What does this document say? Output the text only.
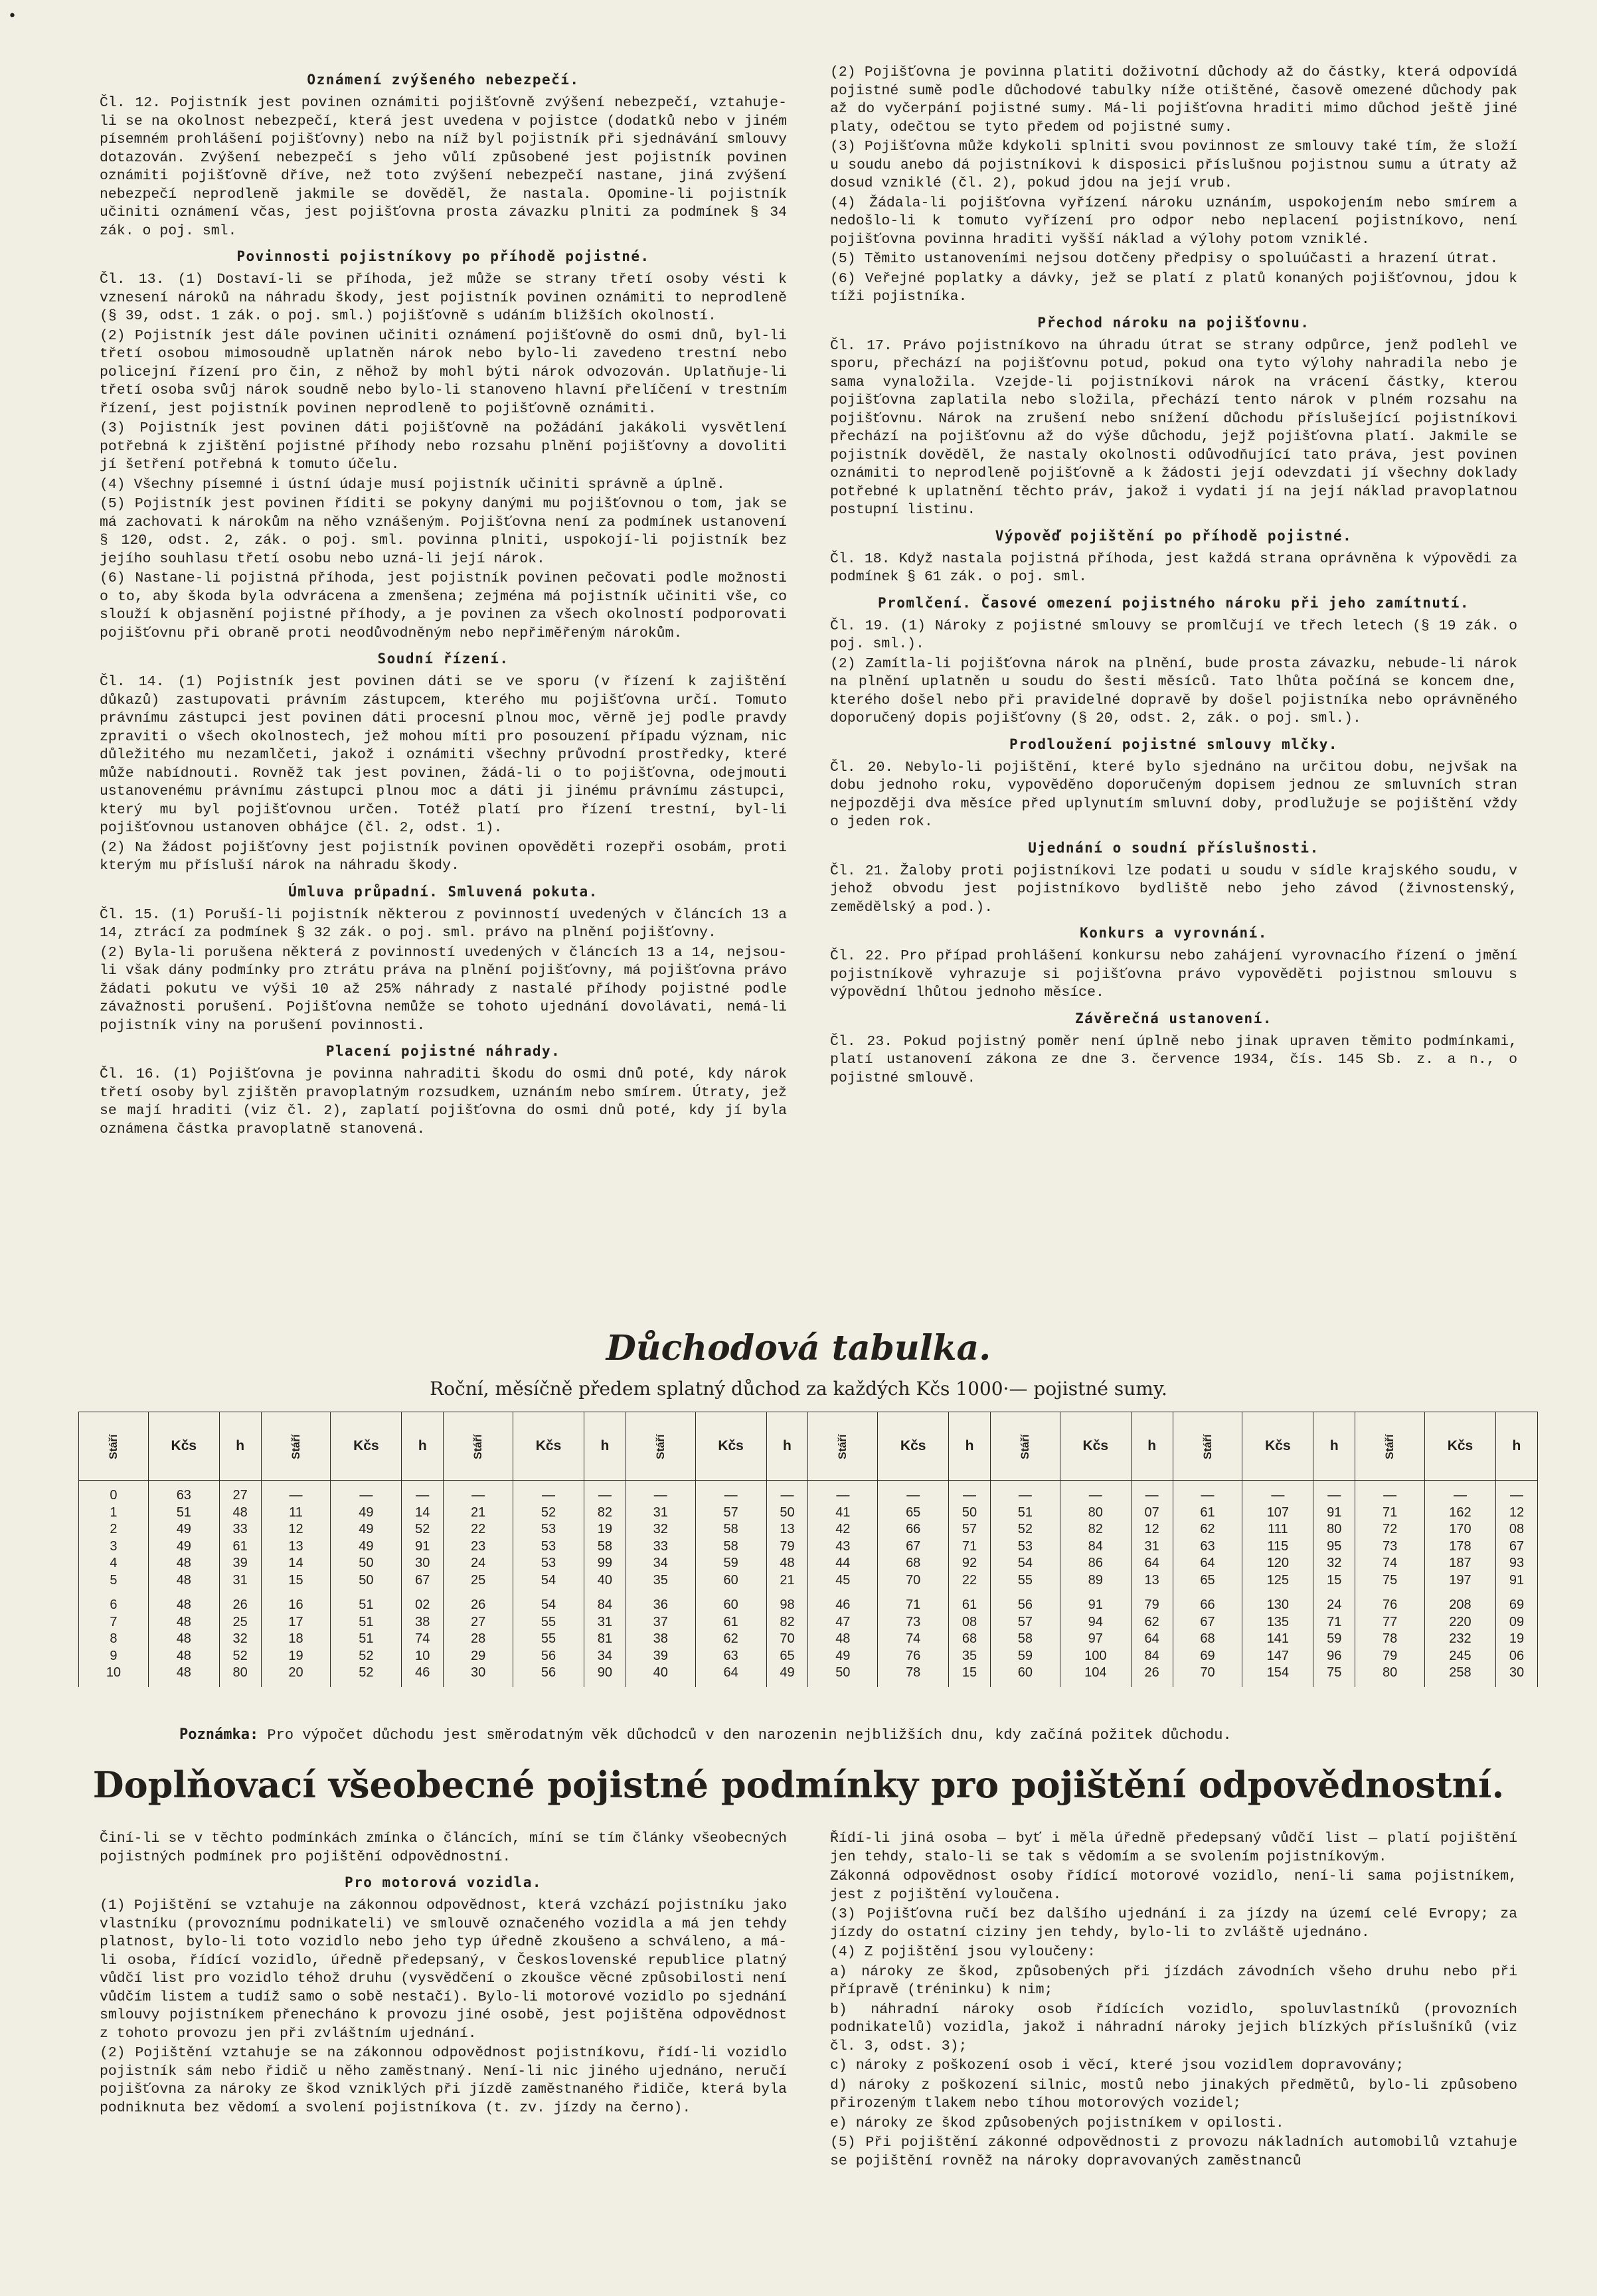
•
Oznámení zvýšeného nebezpečí.
Čl. 12. Pojistník jest povinen oznámiti pojišťovně zvýšení nebezpečí, vztahuje-li se na okolnost nebezpečí, která jest uvedena v pojistce (dodatků nebo v jiném písemném prohlášení pojišťovny) nebo na níž byl pojistník při sjednávání smlouvy dotazován. Zvýšení nebezpečí s jeho vůlí způsobené jest pojistník povinen oznámiti pojišťovně dříve, než toto zvýšení nebezpečí nastane, jiná zvýšení nebezpečí neprodleně jakmile se dověděl, že nastala. Opomine-li pojistník učiniti oznámení včas, jest pojišťovna prosta závazku plniti za podmínek § 34 zák. o poj. sml.
Povinnosti pojistníkovy po příhodě pojistné.
Čl. 13. (1) Dostaví-li se příhoda, jež může se strany třetí osoby vésti k vznesení nároků na náhradu škody, jest pojistník povinen oznámiti to neprodleně (§ 39, odst. 1 zák. o poj. sml.) pojišťovně s udáním bližších okolností.
(2) Pojistník jest dále povinen učiniti oznámení pojišťovně do osmi dnů, byl-li třetí osobou mimosoudně uplatněn nárok nebo bylo-li zavedeno trestní nebo policejní řízení pro čin, z něhož by mohl býti nárok odvozován. Uplatňuje-li třetí osoba svůj nárok soudně nebo bylo-li stanoveno hlavní přelíčení v trestním řízení, jest pojistník povinen neprodleně to pojišťovně oznámiti.
(3) Pojistník jest povinen dáti pojišťovně na požádání jakákoli vysvětlení potřebná k zjištění pojistné příhody nebo rozsahu plnění pojišťovny a dovoliti jí šetření potřebná k tomuto účelu.
(4) Všechny písemné i ústní údaje musí pojistník učiniti správně a úplně.
(5) Pojistník jest povinen říditi se pokyny danými mu pojišťovnou o tom, jak se má zachovati k nárokům na něho vznášeným. Pojišťovna není za podmínek ustanovení § 120, odst. 2, zák. o poj. sml. povinna plniti, uspokojí-li pojistník bez jejího souhlasu třetí osobu nebo uzná-li její nárok.
(6) Nastane-li pojistná příhoda, jest pojistník povinen pečovati podle možnosti o to, aby škoda byla odvrácena a zmenšena; zejména má pojistník učiniti vše, co slouží k objasnění pojistné příhody, a je povinen za všech okolností podporovati pojišťovnu při obraně proti neodůvodněným nebo nepřiměřeným nárokům.
Soudní řízení.
Čl. 14. (1) Pojistník jest povinen dáti se ve sporu (v řízení k zajištění důkazů) zastupovati právním zástupcem, kterého mu pojišťovna určí. Tomuto právnímu zástupci jest povinen dáti procesní plnou moc, věrně jej podle pravdy zpraviti o všech okolnostech, jež mohou míti pro posouzení případu význam, nic důležitého mu nezamlčeti, jakož i oznámiti všechny průvodní prostředky, které může nabídnouti. Rovněž tak jest povinen, žádá-li o to pojišťovna, odejmouti ustanovenému právnímu zástupci plnou moc a dáti ji jinému právnímu zástupci, který mu byl pojišťovnou určen. Totéž platí pro řízení trestní, byl-li pojišťovnou ustanoven obhájce (čl. 2, odst. 1).
(2) Na žádost pojišťovny jest pojistník povinen opověděti rozepři osobám, proti kterým mu přísluší nárok na náhradu škody.
Úmluva průpadní. Smluvená pokuta.
Čl. 15. (1) Poruší-li pojistník některou z povinností uvedených v článcích 13 a 14, ztrácí za podmínek § 32 zák. o poj. sml. právo na plnění pojišťovny.
(2) Byla-li porušena některá z povinností uvedených v článcích 13 a 14, nejsou-li však dány podmínky pro ztrátu práva na plnění pojišťovny, má pojišťovna právo žádati pokutu ve výši 10 až 25% náhrady z nastalé příhody pojistné podle závažnosti porušení. Pojišťovna nemůže se tohoto ujednání dovolávati, nemá-li pojistník viny na porušení povinnosti.
Placení pojistné náhrady.
Čl. 16. (1) Pojišťovna je povinna nahraditi škodu do osmi dnů poté, kdy nárok třetí osoby byl zjištěn pravoplatným rozsudkem, uznáním nebo smírem. Útraty, jež se mají hraditi (viz čl. 2), zaplatí pojišťovna do osmi dnů poté, kdy jí byla oznámena částka pravoplatně stanovená.
(2) Pojišťovna je povinna platiti doživotní důchody až do částky, která odpovídá pojistné sumě podle důchodové tabulky níže otištěné, časově omezené důchody pak až do vyčerpání pojistné sumy. Má-li pojišťovna hraditi mimo důchod ještě jiné platy, odečtou se tyto předem od pojistné sumy.
(3) Pojišťovna může kdykoli splniti svou povinnost ze smlouvy také tím, že složí u soudu anebo dá pojistníkovi k disposici příslušnou pojistnou sumu a útraty až dosud vzniklé (čl. 2), pokud jdou na její vrub.
(4) Žádala-li pojišťovna vyřízení nároku uznáním, uspokojením nebo smírem a nedošlo-li k tomuto vyřízení pro odpor nebo neplacení pojistníkovo, není pojišťovna povinna hraditi vyšší náklad a výlohy potom vzniklé.
(5) Těmito ustanoveními nejsou dotčeny předpisy o spoluúčasti a hrazení útrat.
(6) Veřejné poplatky a dávky, jež se platí z platů konaných pojišťovnou, jdou k tíži pojistníka.
Přechod nároku na pojišťovnu.
Čl. 17. Právo pojistníkovo na úhradu útrat se strany odpůrce, jenž podlehl ve sporu, přechází na pojišťovnu potud, pokud ona tyto výlohy nahradila nebo je sama vynaložila. Vzejde-li pojistníkovi nárok na vrácení částky, kterou pojišťovna zaplatila nebo složila, přechází tento nárok v plném rozsahu na pojišťovnu. Nárok na zrušení nebo snížení důchodu příslušející pojistníkovi přechází na pojišťovnu až do výše důchodu, jejž pojišťovna platí. Jakmile se pojistník dověděl, že nastaly okolnosti odůvodňující tato práva, jest povinen oznámiti to neprodleně pojišťovně a k žádosti její odevzdati jí všechny doklady potřebné k uplatnění těchto práv, jakož i vydati jí na její náklad pravoplatnou postupní listinu.
Výpověď pojištění po příhodě pojistné.
Čl. 18. Když nastala pojistná příhoda, jest každá strana oprávněna k výpovědi za podmínek § 61 zák. o poj. sml.
Promlčení. Časové omezení pojistného nároku při jeho zamítnutí.
Čl. 19. (1) Nároky z pojistné smlouvy se promlčují ve třech letech (§ 19 zák. o poj. sml.).
(2) Zamítla-li pojišťovna nárok na plnění, bude prosta závazku, nebude-li nárok na plnění uplatněn u soudu do šesti měsíců. Tato lhůta počíná se koncem dne, kterého došel nebo při pravidelné dopravě by došel pojistníka nebo oprávněného doporučený dopis pojišťovny (§ 20, odst. 2, zák. o poj. sml.).
Prodloužení pojistné smlouvy mlčky.
Čl. 20. Nebylo-li pojištění, které bylo sjednáno na určitou dobu, nejvšak na dobu jednoho roku, vypověděno doporučeným dopisem jednou ze smluvních stran nejpozději dva měsíce před uplynutím smluvní doby, prodlužuje se pojištění vždy o jeden rok.
Ujednání o soudní příslušnosti.
Čl. 21. Žaloby proti pojistníkovi lze podati u soudu v sídle krajského soudu, v jehož obvodu jest pojistníkovo bydliště nebo jeho závod (živnostenský, zemědělský a pod.).
Konkurs a vyrovnání.
Čl. 22. Pro případ prohlášení konkursu nebo zahájení vyrovnacího řízení o jmění pojistníkově vyhrazuje si pojišťovna právo vypověděti pojistnou smlouvu s výpovědní lhůtou jednoho měsíce.
Závěrečná ustanovení.
Čl. 23. Pokud pojistný poměr není úplně nebo jinak upraven těmito podmínkami, platí ustanovení zákona ze dne 3. července 1934, čís. 145 Sb. z. a n., o pojistné smlouvě.
Důchodová tabulka.
Roční, měsíčně předem splatný důchod za každých Kčs 1000·— pojistné sumy.
Stáří	Kčs	h	Stáří	Kčs	h	Stáří	Kčs	h	Stáří	Kčs	h	Stáří	Kčs	h	Stáří	Kčs	h	Stáří	Kčs	h	Stáří	Kčs	h
0	63	27	—	—	—	—	—	—	—	—	—	—	—	—	—	—	—	—	—	—	—	—	—
1	51	48	11	49	14	21	52	82	31	57	50	41	65	50	51	80	07	61	107	91	71	162	12
2	49	33	12	49	52	22	53	19	32	58	13	42	66	57	52	82	12	62	111	80	72	170	08
3	49	61	13	49	91	23	53	58	33	58	79	43	67	71	53	84	31	63	115	95	73	178	67
4	48	39	14	50	30	24	53	99	34	59	48	44	68	92	54	86	64	64	120	32	74	187	93
5	48	31	15	50	67	25	54	40	35	60	21	45	70	22	55	89	13	65	125	15	75	197	91
6	48	26	16	51	02	26	54	84	36	60	98	46	71	61	56	91	79	66	130	24	76	208	69
7	48	25	17	51	38	27	55	31	37	61	82	47	73	08	57	94	62	67	135	71	77	220	09
8	48	32	18	51	74	28	55	81	38	62	70	48	74	68	58	97	64	68	141	59	78	232	19
9	48	52	19	52	10	29	56	34	39	63	65	49	76	35	59	100	84	69	147	96	79	245	06
10	48	80	20	52	46	30	56	90	40	64	49	50	78	15	60	104	26	70	154	75	80	258	30
Poznámka: Pro výpočet důchodu jest směrodatným věk důchodců v den narozenin nejbližších dnu, kdy začíná požitek důchodu.
Doplňovací všeobecné pojistné podmínky pro pojištění odpovědnostní.
Činí-li se v těchto podmínkách zmínka o článcích, míní se tím články všeobecných pojistných podmínek pro pojištění odpovědnostní.
Pro motorová vozidla.
(1) Pojištění se vztahuje na zákonnou odpovědnost, která vzchází pojistníku jako vlastníku (provoznímu podnikateli) ve smlouvě označeného vozidla a má jen tehdy platnost, bylo-li toto vozidlo nebo jeho typ úředně zkoušeno a schváleno, a má-li osoba, řídící vozidlo, úředně předepsaný, v Československé republice platný vůdčí list pro vozidlo téhož druhu (vysvědčení o zkoušce věcné způsobilosti není vůdčím listem a tudíž samo o sobě nestačí). Bylo-li motorové vozidlo po sjednání smlouvy pojistníkem přenecháno k provozu jiné osobě, jest pojištěna odpovědnost z tohoto provozu jen při zvláštním ujednání.
(2) Pojištění vztahuje se na zákonnou odpovědnost pojistníkovu, řídí-li vozidlo pojistník sám nebo řidič u něho zaměstnaný. Není-li nic jiného ujednáno, neručí pojišťovna za nároky ze škod vzniklých při jízdě zaměstnaného řidiče, která byla podniknuta bez vědomí a svolení pojistníkova (t. zv. jízdy na černo).
Řídí-li jiná osoba — byť i měla úředně předepsaný vůdčí list — platí pojištění jen tehdy, stalo-li se tak s vědomím a se svolením pojistníkovým.
Zákonná odpovědnost osoby řídící motorové vozidlo, není-li sama pojistníkem, jest z pojištění vyloučena.
(3) Pojišťovna ručí bez dalšího ujednání i za jízdy na území celé Evropy; za jízdy do ostatní ciziny jen tehdy, bylo-li to zvláště ujednáno.
(4) Z pojištění jsou vyloučeny:
a) nároky ze škod, způsobených při jízdách závodních všeho druhu nebo při přípravě (tréninku) k nim;
b) náhradní nároky osob řídících vozidlo, spoluvlastníků (provozních podnikatelů) vozidla, jakož i náhradní nároky jejich blízkých příslušníků (viz čl. 3, odst. 3);
c) nároky z poškození osob i věcí, které jsou vozidlem dopravovány;
d) nároky z poškození silnic, mostů nebo jinakých předmětů, bylo-li způsobeno přirozeným tlakem nebo tíhou motorových vozidel;
e) nároky ze škod způsobených pojistníkem v opilosti.
(5) Při pojištění zákonné odpovědnosti z provozu nákladních automobilů vztahuje se pojištění rovněž na nároky dopravovaných zaměstnanců
